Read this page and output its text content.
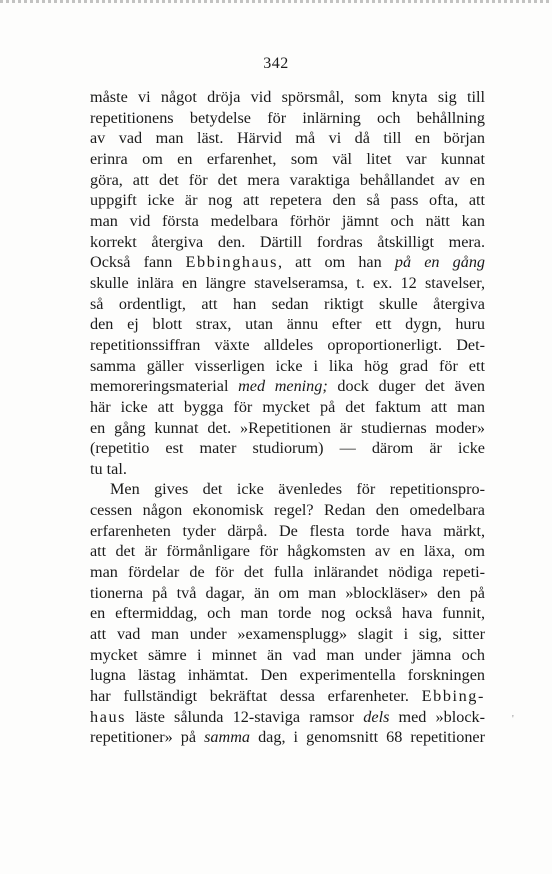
342
måste vi något dröja vid spörsmål, som knyta sig till
repetitionens betydelse för inlärning och behållning
av vad man läst. Härvid må vi då till en början
erinra om en erfarenhet, som väl litet var kunnat
göra, att det för det mera varaktiga behållandet av en
uppgift icke är nog att repetera den så pass ofta, att
man vid första medelbara förhör jämnt och nätt kan
korrekt återgiva den. Därtill fordras åtskilligt mera.
Också fann Ebbinghaus, att om han på en gång
skulle inlära en längre stavelseramsa, t. ex. 12 stavelser,
så ordentligt, att han sedan riktigt skulle återgiva
den ej blott strax, utan ännu efter ett dygn, huru
repetitionssiffran växte alldeles oproportionerligt. Det-
samma gäller visserligen icke i lika hög grad för ett
memoreringsmaterial med mening; dock duger det även
här icke att bygga för mycket på det faktum att man
en gång kunnat det. »Repetitionen är studiernas moder»
(repetitio est mater studiorum) — därom är icke
tu tal.
Men gives det icke ävenledes för repetitionspro-
cessen någon ekonomisk regel? Redan den omedelbara
erfarenheten tyder därpå. De flesta torde hava märkt,
att det är förmånligare för hågkomsten av en läxa, om
man fördelar de för det fulla inlärandet nödiga repeti-
tionerna på två dagar, än om man »blockläser» den på
en eftermiddag, och man torde nog också hava funnit,
att vad man under »examensplugg» slagit i sig, sitter
mycket sämre i minnet än vad man under jämna och
lugna lästag inhämtat. Den experimentella forskningen
har fullständigt bekräftat dessa erfarenheter. Ebbing-
haus läste sålunda 12-staviga ramsor dels med »block-
repetitioner» på samma dag, i genomsnitt 68 repetitioner
'
